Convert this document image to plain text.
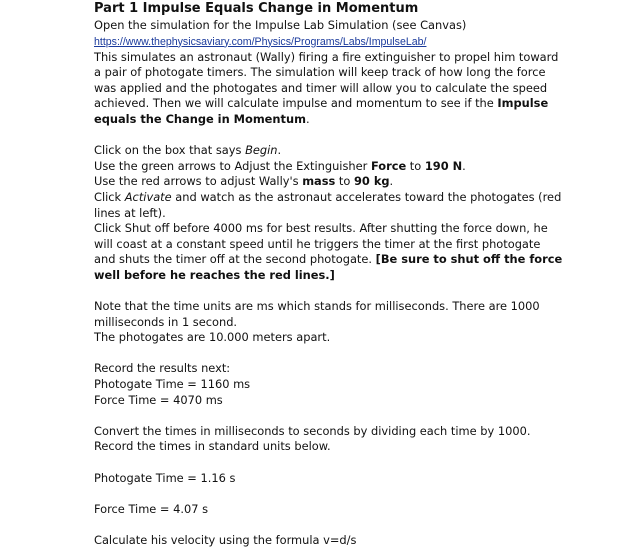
Part 1 Impulse Equals Change in Momentum

Open the simulation for the Impulse Lab Simulation (see Canvas)

https://www.thephysicsaviary.com/Physics/Programs/Labs/ImpulseLab/

This simulates an astronaut (Wally) firing a fire extinguisher to propel him toward a pair of photogate timers. The simulation will keep track of how long the force was applied and the photogates and timer will allow you to calculate the speed achieved. Then we will calculate impulse and momentum to see if the Impulse equals the Change in Momentum.

Click on the box that says Begin.

Use the green arrows to Adjust the Extinguisher Force to 190 N.

Use the red arrows to adjust Wally's mass to 90 kg.

Click Activate and watch as the astronaut accelerates toward the photogates (red lines at left).

Click Shut off before 4000 ms for best results. After shutting the force down, he will coast at a constant speed until he triggers the timer at the first photogate and shuts the timer off at the second photogate. [Be sure to shut off the force well before he reaches the red lines.]

Note that the time units are ms which stands for milliseconds. There are 1000 milliseconds in 1 second.

The photogates are 10.000 meters apart.

Record the results next:

Photogate Time = 1160 ms

Force Time = 4070 ms

Convert the times in milliseconds to seconds by dividing each time by 1000.

Record the times in standard units below.

Photogate Time = 1.16 s

Force Time = 4.07 s

Calculate his velocity using the formula v=d/s
